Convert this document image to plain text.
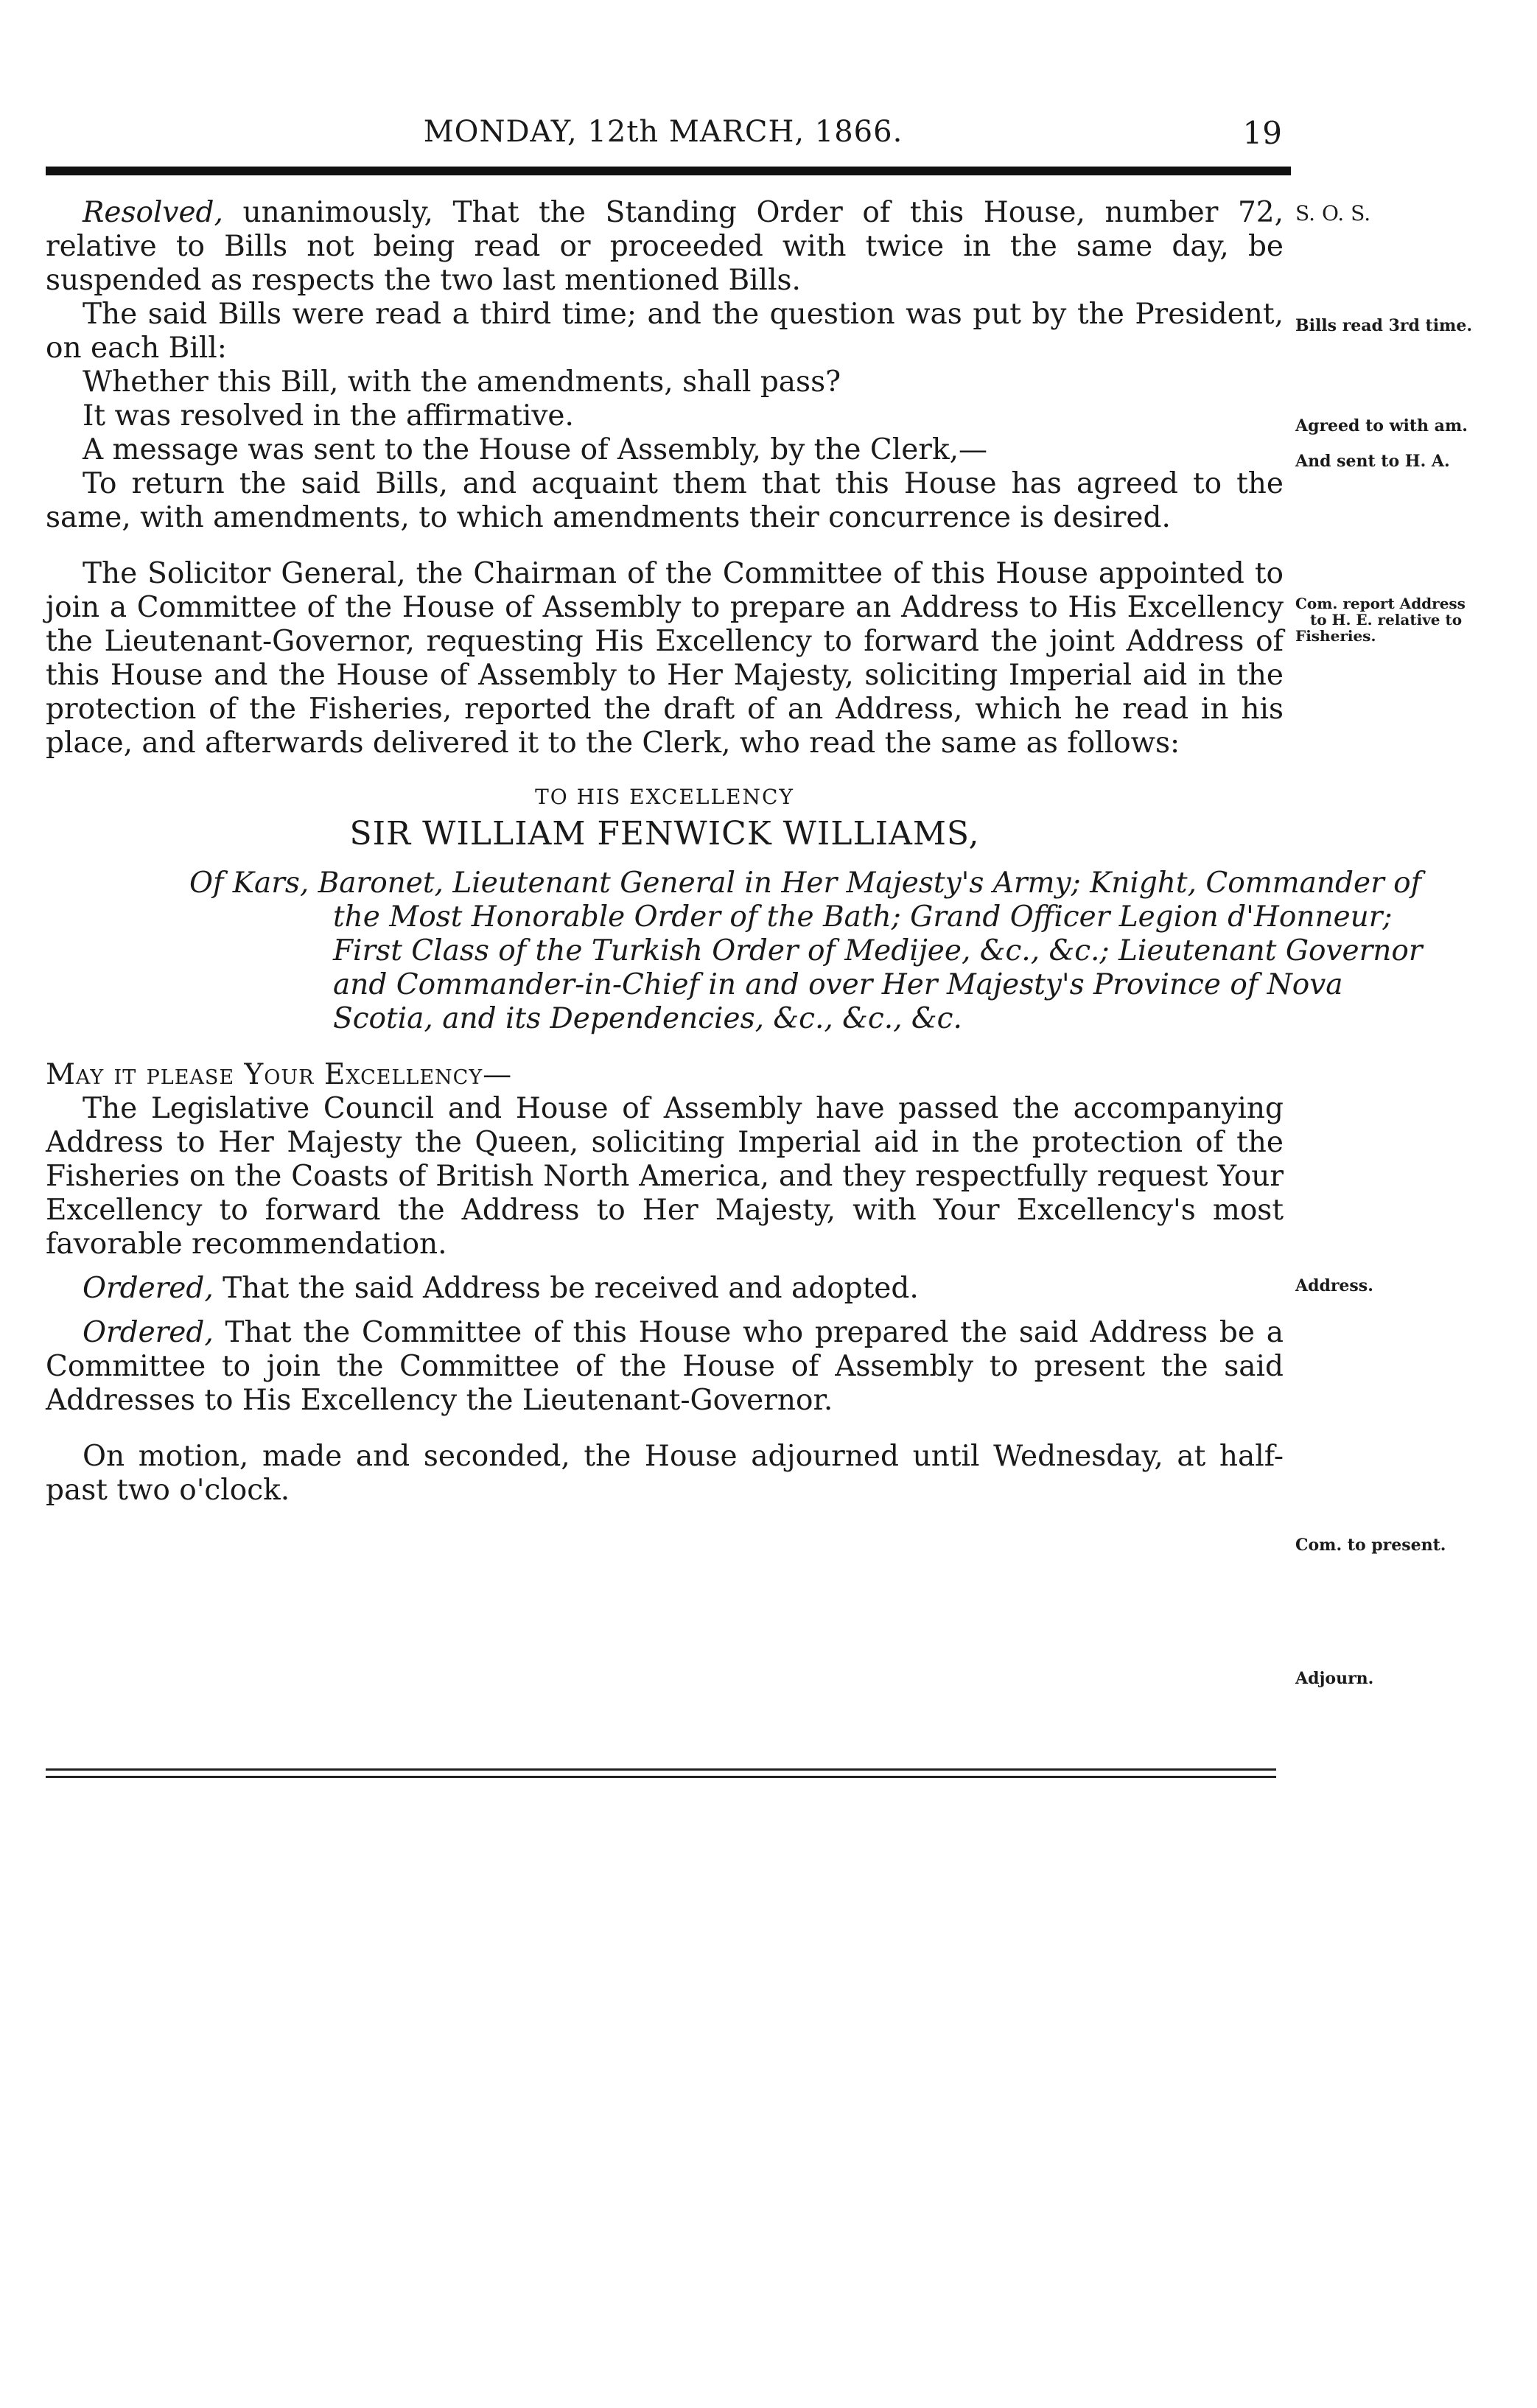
MONDAY, 12th MARCH, 1866.	19

Resolved, unanimously, That the Standing Order of this House, number 72, relative to Bills not being read or proceeded with twice in the same day, be suspended as respects the two last mentioned Bills.

The said Bills were read a third time; and the question was put by the President, on each Bill:

Whether this Bill, with the amendments, shall pass?

It was resolved in the affirmative.

A message was sent to the House of Assembly, by the Clerk,—

To return the said Bills, and acquaint them that this House has agreed to the same, with amendments, to which amendments their concurrence is desired.

The Solicitor General, the Chairman of the Committee of this House appointed to join a Committee of the House of Assembly to prepare an Address to His Excellency the Lieutenant-Governor, requesting His Excellency to forward the joint Address of this House and the House of Assembly to Her Majesty, soliciting Imperial aid in the protection of the Fisheries, reported the draft of an Address, which he read in his place, and afterwards delivered it to the Clerk, who read the same as follows:

TO HIS EXCELLENCY
SIR WILLIAM FENWICK WILLIAMS,
Of Kars, Baronet, Lieutenant General in Her Majesty's Army; Knight, Commander of the Most Honorable Order of the Bath; Grand Officer Legion d'Honneur; First Class of the Turkish Order of Medijee, &c., &c.; Lieutenant Governor and Commander-in-Chief in and over Her Majesty's Province of Nova Scotia, and its Dependencies, &c., &c., &c.
May it please Your Excellency—

The Legislative Council and House of Assembly have passed the accompanying Address to Her Majesty the Queen, soliciting Imperial aid in the protection of the Fisheries on the Coasts of British North America, and they respectfully request Your Excellency to forward the Address to Her Majesty, with Your Excellency's most favorable recommendation.

Ordered, That the said Address be received and adopted.

Ordered, That the Committee of this House who prepared the said Address be a Committee to join the Committee of the House of Assembly to present the said Addresses to His Excellency the Lieutenant-Governor.

On motion, made and seconded, the House adjourned until Wednesday, at half-past two o'clock.

S. O. S.
Bills read 3rd time.
Agreed to with am.
And sent to H. A.
Com. report Address
to H. E. relative to
Fisheries.
Address.
Com. to present.
Adjourn.
